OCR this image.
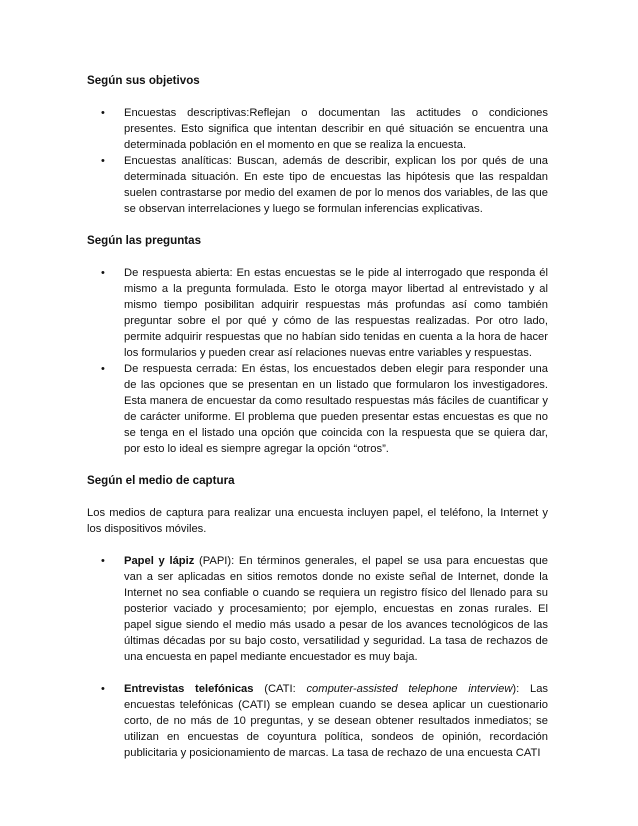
Según sus objetivos
• Encuestas descriptivas:Reflejan o documentan las actitudes o condiciones presentes. Esto significa que intentan describir en qué situación se encuentra una determinada población en el momento en que se realiza la encuesta.
• Encuestas analíticas: Buscan, además de describir, explican los por qués de una determinada situación. En este tipo de encuestas las hipótesis que las respaldan suelen contrastarse por medio del examen de por lo menos dos variables, de las que se observan interrelaciones y luego se formulan inferencias explicativas.
Según las preguntas
• De respuesta abierta: En estas encuestas se le pide al interrogado que responda él mismo a la pregunta formulada. Esto le otorga mayor libertad al entrevistado y al mismo tiempo posibilitan adquirir respuestas más profundas así como también preguntar sobre el por qué y cómo de las respuestas realizadas. Por otro lado, permite adquirir respuestas que no habían sido tenidas en cuenta a la hora de hacer los formularios y pueden crear así relaciones nuevas entre variables y respuestas.
• De respuesta cerrada: En éstas, los encuestados deben elegir para responder una de las opciones que se presentan en un listado que formularon los investigadores. Esta manera de encuestar da como resultado respuestas más fáciles de cuantificar y de carácter uniforme. El problema que pueden presentar estas encuestas es que no se tenga en el listado una opción que coincida con la respuesta que se quiera dar, por esto lo ideal es siempre agregar la opción “otros”.
Según el medio de captura

Los medios de captura para realizar una encuesta incluyen papel, el teléfono, la Internet y los dispositivos móviles.

• Papel y lápiz (PAPI): En términos generales, el papel se usa para encuestas que van a ser aplicadas en sitios remotos donde no existe señal de Internet, donde la Internet no sea confiable o cuando se requiera un registro físico del llenado para su posterior vaciado y procesamiento; por ejemplo, encuestas en zonas rurales. El papel sigue siendo el medio más usado a pesar de los avances tecnológicos de las últimas décadas por su bajo costo, versatilidad y seguridad. La tasa de rechazos de una encuesta en papel mediante encuestador es muy baja.
• Entrevistas telefónicas (CATI: computer-assisted telephone interview): Las encuestas telefónicas (CATI) se emplean cuando se desea aplicar un cuestionario corto, de no más de 10 preguntas, y se desean obtener resultados inmediatos; se utilizan en encuestas de coyuntura política, sondeos de opinión, recordación publicitaria y posicionamiento de marcas. La tasa de rechazo de una encuesta CATI
